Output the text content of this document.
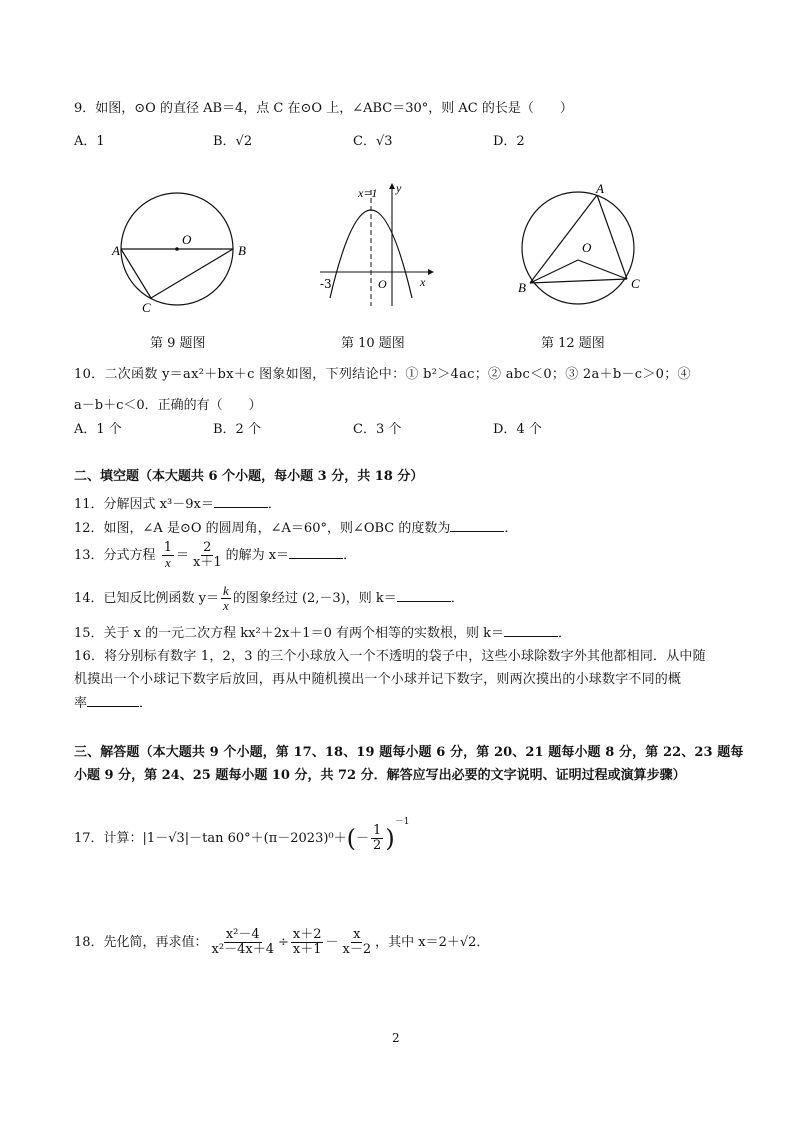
9．如图，⊙O 的直径 AB＝4，点 C 在⊙O 上，∠ABC＝30°，则 AC 的长是（　　）
A．1	B．√2	C．√3	D．2
A	B
O
C
第 9 题图
x=1 y
x
-3	O
第 10 题图
A
O
B	C
第 12 题图
10．二次函数 y＝ax²＋bx＋c 图象如图，下列结论中：① b²＞4ac；② abc＜0；③ 2a＋b－c＞0；④
a－b＋c＜0．正确的有（　　）
A．1 个	B．2 个	C．3 个	D．4 个
二、填空题（本大题共 6 个小题，每小题 3 分，共 18 分）
11．分解因式 x³－9x＝	．
12．如图，∠A 是⊙O 的圆周角，∠A＝60°，则∠OBC 的度数为	．
13．分式方程 $\frac{1}{x} = \frac{2}{x+1}$ 的解为 x＝	．
14．已知反比例函数 $y= \frac{k}{x}$ 的图象经过 (2,－3)，则 k＝	．
15．关于 x 的一元二次方程 kx²＋2x＋1＝0 有两个相等的实数根，则 k＝	．
16．将分别标有数字 1，2，3 的三个小球放入一个不透明的袋子中，这些小球除数字外其他都相同．从中随
机摸出一个小球记下数字后放回，再从中随机摸出一个小球并记下数字，则两次摸出的小球数字不同的概
率	．
三、解答题（本大题共 9 个小题，第 17、18、19 题每小题 6 分，第 20、21 题每小题 8 分，第 22、23 题每
小题 9 分，第 24、25 题每小题 10 分，共 72 分．解答应写出必要的文字说明、证明过程或演算步骤）
17．计算：|1－√3|－tan $60^\circ+(\pi-2023)^0+(- \frac{1}{2} )^{-1}$
18．先化简，再求值： $\frac{\text{x²－4}}{\text{x²－4x＋4}} \div \frac{x+2}{x+1} - \frac{x}{x-2}$ ，其中 x＝2＋√2．
2
